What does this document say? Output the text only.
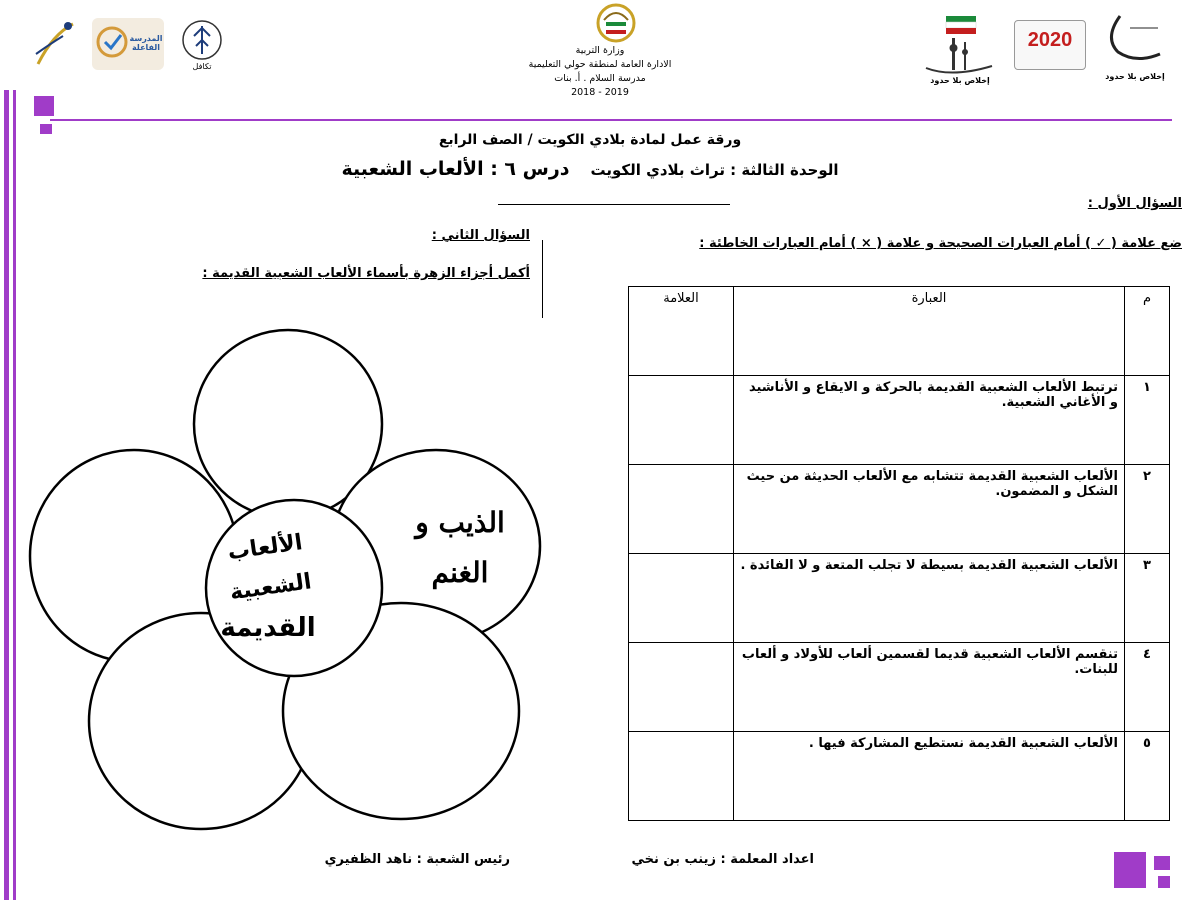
المدرسة الفاعلة
تكافل
وزارة التربية
الادارة العامة لمنطقة حولي التعليمية
مدرسة السلام . أ. بنات
2018 - 2019
إخلاص بلا حدود
2020
إخلاص بلا حدود
ورقة عمل لمادة بلادي الكويت / الصف الرابع
الوحدة الثالثة : تراث بلادي الكويت    درس ٦ : الألعاب الشعبية
السؤال الأول :
ضع علامة ( ✓ ) أمام العبارات الصحيحة و علامة ( × ) أمام العبارات الخاطئة :
م	العبارة	العلامة
١	ترتبط الألعاب الشعبية القديمة بالحركة و الايقاع و الأناشيد و الأغاني الشعبية.	
٢	الألعاب الشعبية القديمة تتشابه مع الألعاب الحديثة من حيث الشكل و المضمون.	
٣	الألعاب الشعبية القديمة بسيطة لا تجلب المتعة و لا الفائدة .	
٤	تنقسم الألعاب الشعبية قديما لقسمين ألعاب للأولاد و ألعاب للبنات.	
٥	الألعاب الشعبية القديمة نستطيع المشاركة فيها .	
السؤال الثاني :
أكمل أجزاء الزهرة بأسماء الألعاب الشعبية القديمة :
الألعاب الشعبية
القديمة
الذيب و
الغنم
اعداد المعلمة : زينب بن نخي
رئيس الشعبة : ناهد الظفيري
